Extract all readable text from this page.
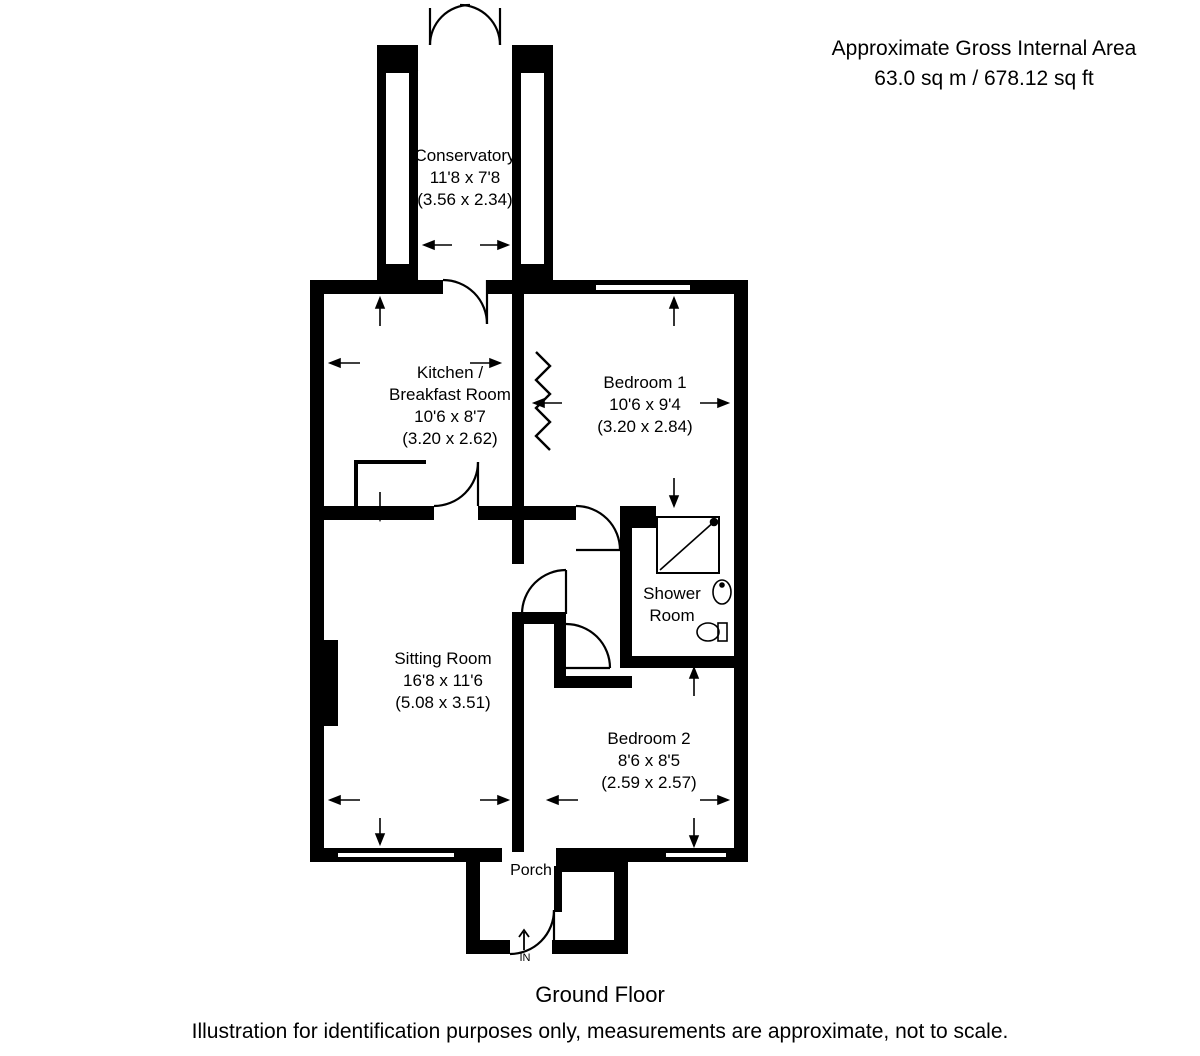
Approximate Gross Internal Area
63.0 sq m / 678.12 sq ft
Conservatory
11'8 x 7'8
(3.56 x 2.34)
Kitchen /
Breakfast Room
10'6 x 8'7
(3.20 x 2.62)
Bedroom 1
10'6 x 9'4
(3.20 x 2.84)
Sitting Room
16'8 x 11'6
(5.08 x 3.51)
Bedroom 2
8'6 x 8'5
(2.59 x 2.57)
Shower
Room
Porch
IN
Ground Floor
Illustration for identification purposes only, measurements are approximate, not to scale.
